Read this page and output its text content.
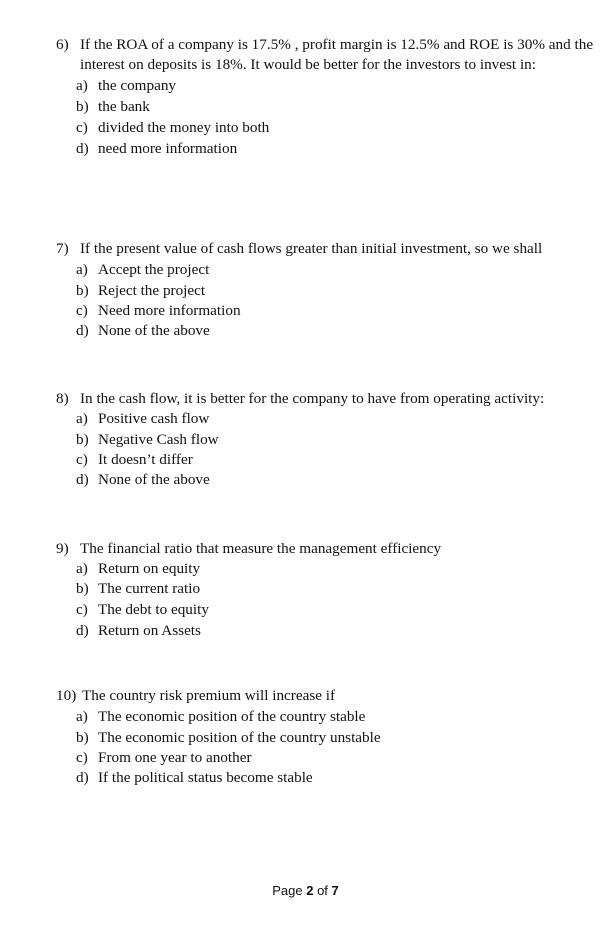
6) If the ROA of a company is 17.5% , profit margin is 12.5% and ROE is 30% and the
interest on deposits is 18%. It would be better for the investors to invest in:
a) the company
b) the bank
c) divided the money into both
d) need more information
7) If the present value of cash flows greater than initial investment, so we shall
a) Accept the project
b) Reject the project
c) Need more information
d) None of the above
8) In the cash flow, it is better for the company to have from operating activity:
a) Positive cash flow
b) Negative Cash flow
c) It doesn’t differ
d) None of the above
9) The financial ratio that measure the management efficiency
a) Return on equity
b) The current ratio
c) The debt to equity
d) Return on Assets
10) The country risk premium will increase if
a) The economic position of the country stable
b) The economic position of the country unstable
c) From one year to another
d) If the political status become stable
Page 2 of 7
